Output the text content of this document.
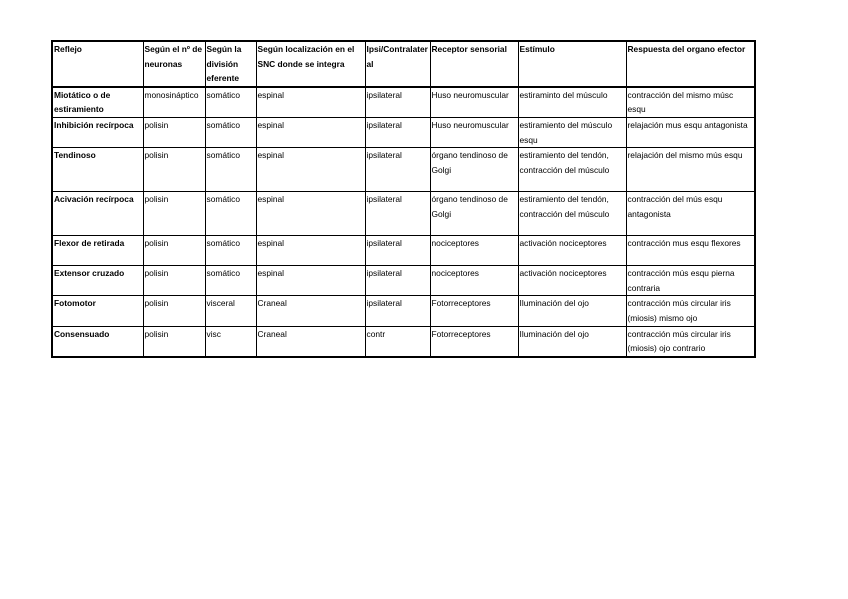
Reflejo	Según el nº de neuronas	Según la división eferente	Según localización en el SNC donde se integra	Ipsi/Contralateral	Receptor sensorial	Estímulo	Respuesta del organo efector
Miotático o de estiramiento	monosináptico	somático	espinal	ipsilateral	Huso neuromuscular	estiraminto del músculo	contracción del mismo músc esqu
Inhibición recírpoca	polisin	somático	espinal	ipsilateral	Huso neuromuscular	estiramiento del músculo esqu	relajación mus esqu antagonista
Tendinoso	polisin	somático	espinal	ipsilateral	órgano tendinoso de Golgi	estiramiento del tendón, contracción del músculo	relajación del mismo mús esqu
Acivación recírpoca	polisin	somático	espinal	ipsilateral	órgano tendinoso de Golgi	estiramiento del tendón, contracción del músculo	contracción del mús esqu antagonista
Flexor de retirada	polisin	somático	espinal	ipsilateral	nociceptores	activación nociceptores	contracción mus esqu flexores
Extensor cruzado	polisin	somático	espinal	ipsilateral	nociceptores	activación nociceptores	contracción mús esqu pierna contraria
Fotomotor	polisin	visceral	Craneal	ipsilateral	Fotorreceptores	Iluminación del ojo	contracción mús circular iris (miosis) mismo ojo
Consensuado	polisin	visc	Craneal	contr	Fotorreceptores	Iluminación del ojo	contracción mús circular iris (miosis) ojo contrario
